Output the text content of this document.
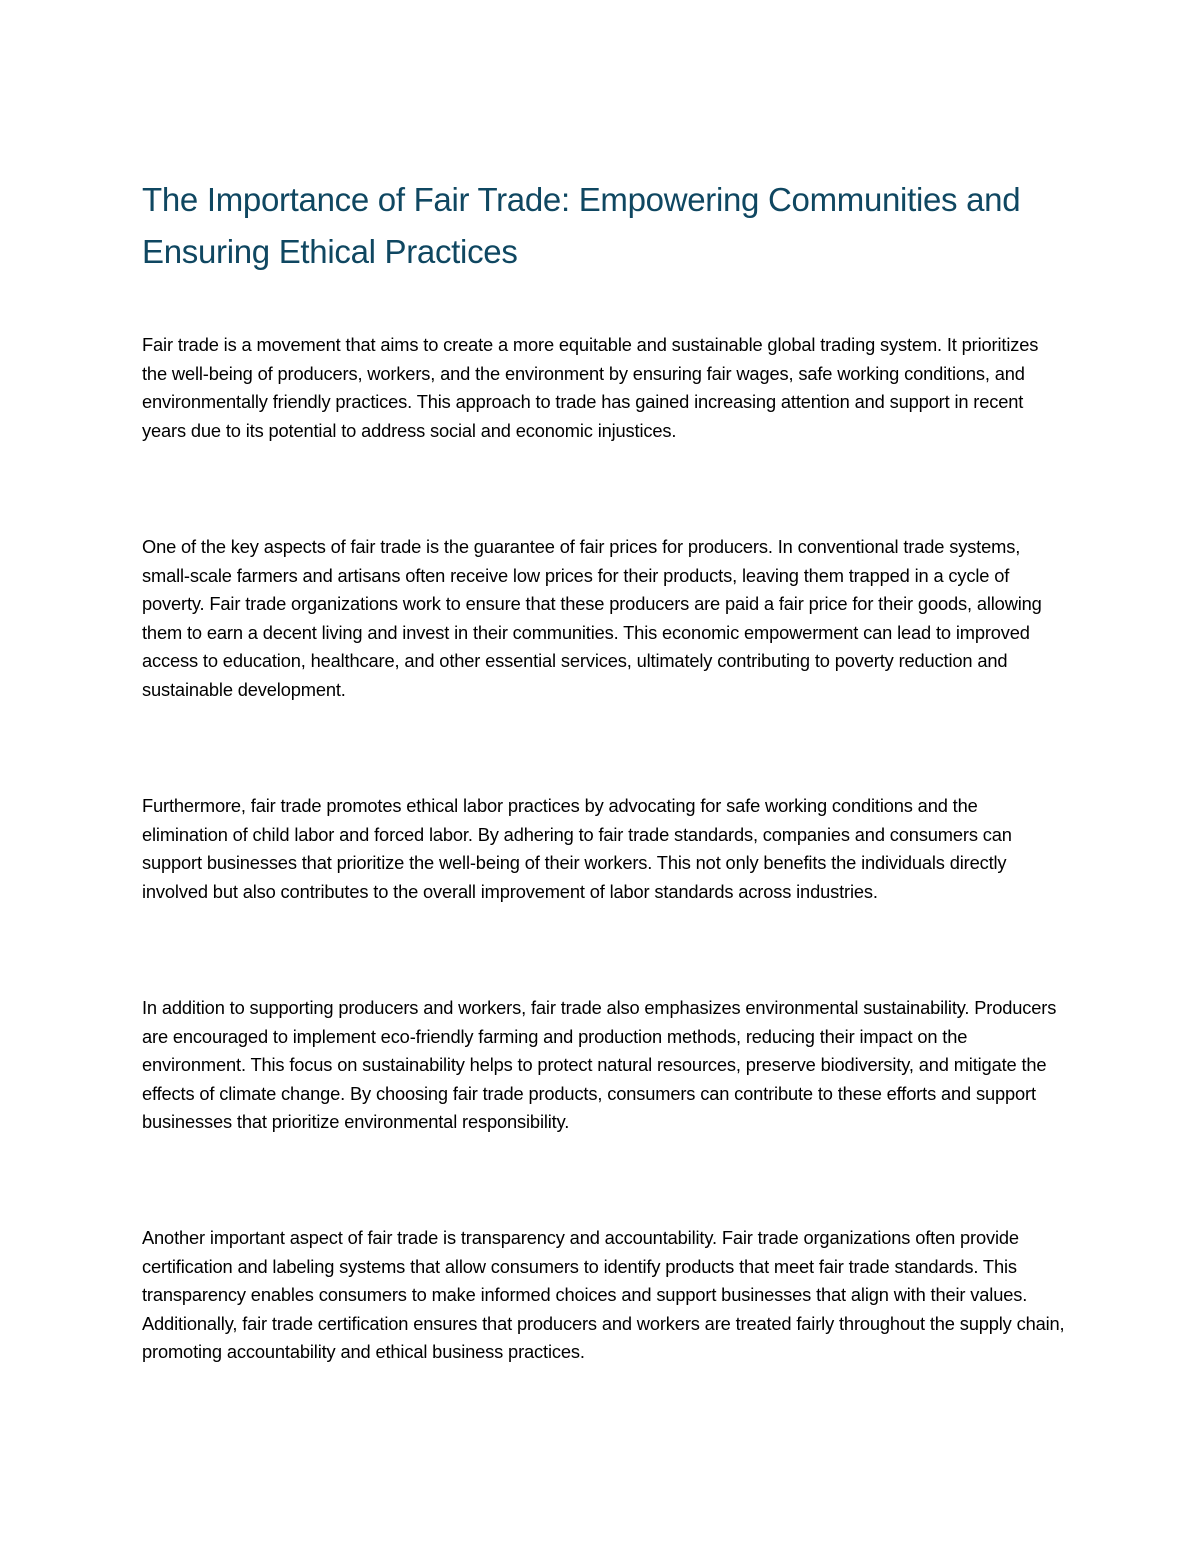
The Importance of Fair Trade: Empowering Communities and Ensuring Ethical Practices

Fair trade is a movement that aims to create a more equitable and sustainable global trading system. It prioritizes the well-being of producers, workers, and the environment by ensuring fair wages, safe working conditions, and environmentally friendly practices. This approach to trade has gained increasing attention and support in recent years due to its potential to address social and economic injustices.

One of the key aspects of fair trade is the guarantee of fair prices for producers. In conventional trade systems, small-scale farmers and artisans often receive low prices for their products, leaving them trapped in a cycle of poverty. Fair trade organizations work to ensure that these producers are paid a fair price for their goods, allowing them to earn a decent living and invest in their communities. This economic empowerment can lead to improved access to education, healthcare, and other essential services, ultimately contributing to poverty reduction and sustainable development.

Furthermore, fair trade promotes ethical labor practices by advocating for safe working conditions and the elimination of child labor and forced labor. By adhering to fair trade standards, companies and consumers can support businesses that prioritize the well-being of their workers. This not only benefits the individuals directly involved but also contributes to the overall improvement of labor standards across industries.

In addition to supporting producers and workers, fair trade also emphasizes environmental sustainability. Producers are encouraged to implement eco-friendly farming and production methods, reducing their impact on the environment. This focus on sustainability helps to protect natural resources, preserve biodiversity, and mitigate the effects of climate change. By choosing fair trade products, consumers can contribute to these efforts and support businesses that prioritize environmental responsibility.

Another important aspect of fair trade is transparency and accountability. Fair trade organizations often provide certification and labeling systems that allow consumers to identify products that meet fair trade standards. This transparency enables consumers to make informed choices and support businesses that align with their values. Additionally, fair trade certification ensures that producers and workers are treated fairly throughout the supply chain, promoting accountability and ethical business practices.
